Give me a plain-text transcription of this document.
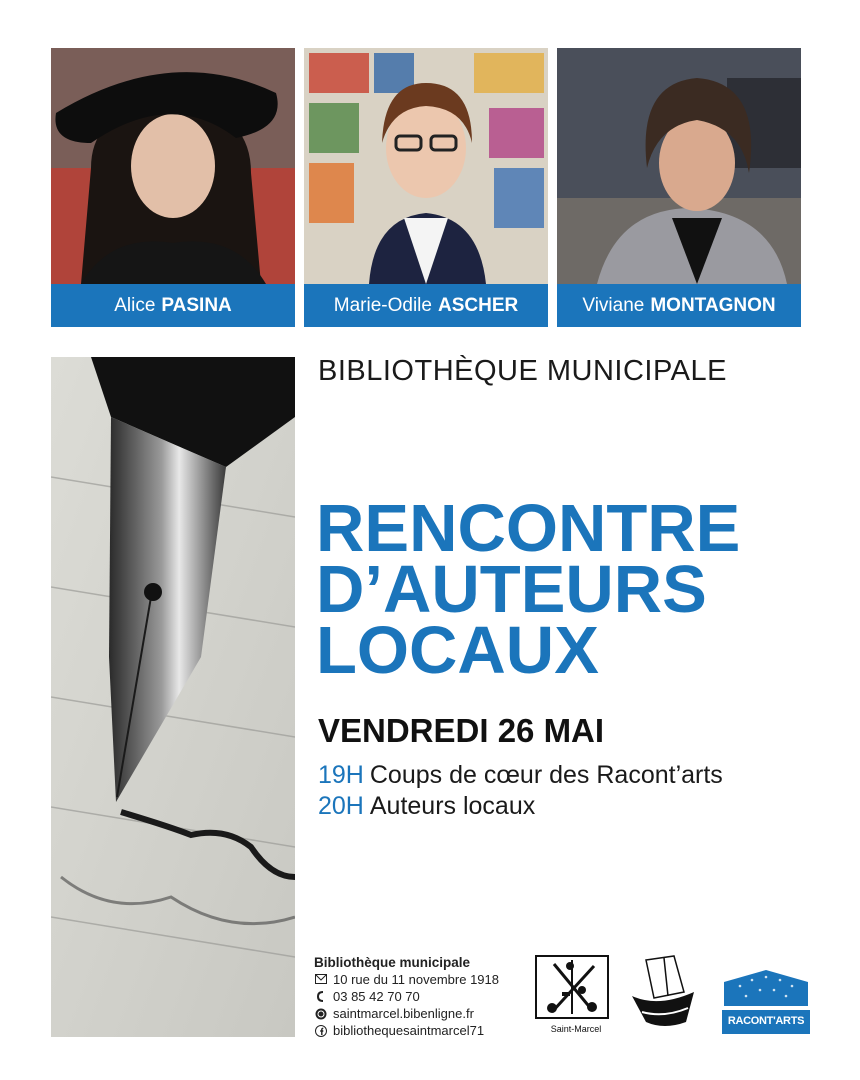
Alice PASINA	Marie-Odile ASCHER	Viviane MONTAGNON
BIBLIOTHÈQUE MUNICIPALE
RENCONTRE
D’AUTEURS
LOCAUX
VENDREDI 26 MAI
19H Coups de cœur des Racont’arts
20H Auteurs locaux
Bibliothèque municipale
10 rue du 11 novembre 1918
03 85 42 70 70
saintmarcel.bibenligne.fr
bibliothequesaintmarcel71	Saint-Marcel
RACONT'ARTS
